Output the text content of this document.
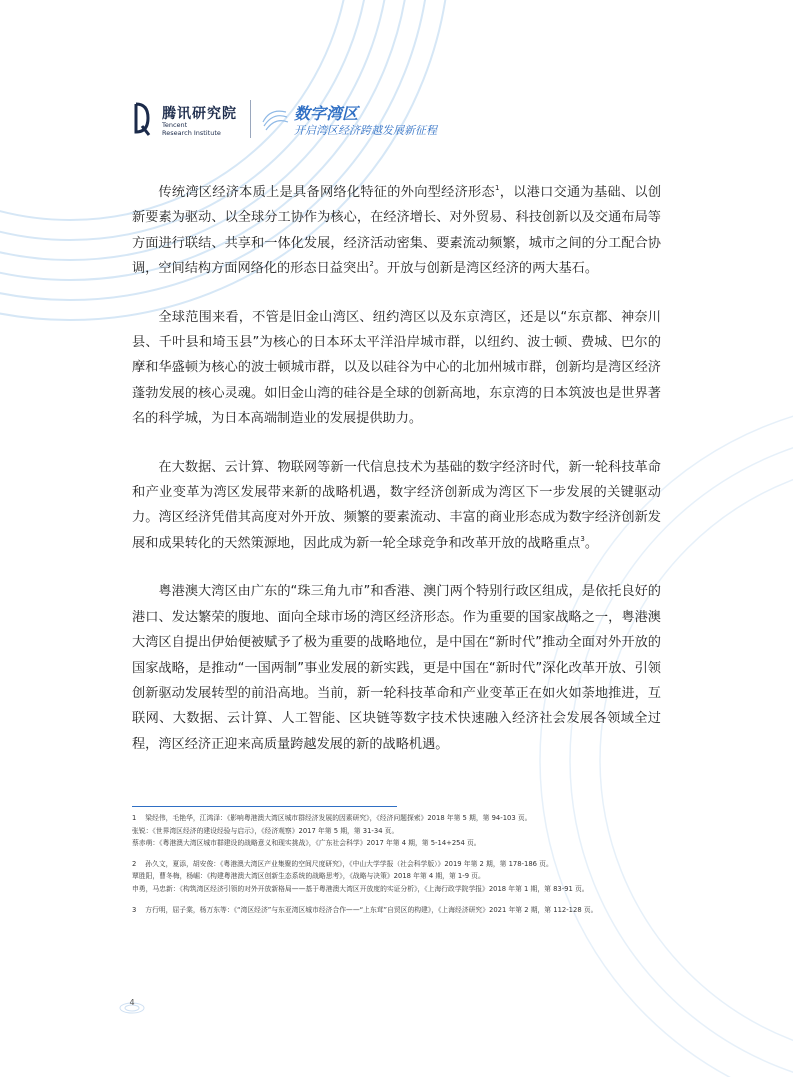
腾讯研究院
Tencent
Research Institute
数字湾区
开启湾区经济跨越发展新征程

传统湾区经济本质上是具备网络化特征的外向型经济形态$^1$，以港口交通为基础、以创新要素为驱动、以全球分工协作为核心，在经济增长、对外贸易、科技创新以及交通布局等方面进行联结、共享和一体化发展，经济活动密集、要素流动频繁，城市之间的分工配合协调，空间结构方面网络化的形态日益突出$^2$。开放与创新是湾区经济的两大基石。

全球范围来看，不管是旧金山湾区、纽约湾区以及东京湾区，还是以“东京都、神奈川县、千叶县和埼玉县”为核心的日本环太平洋沿岸城市群，以纽约、波士顿、费城、巴尔的摩和华盛顿为核心的波士顿城市群，以及以硅谷为中心的北加州城市群，创新均是湾区经济蓬勃发展的核心灵魂。如旧金山湾的硅谷是全球的创新高地，东京湾的日本筑波也是世界著名的科学城，为日本高端制造业的发展提供助力。

在大数据、云计算、物联网等新一代信息技术为基础的数字经济时代，新一轮科技革命和产业变革为湾区发展带来新的战略机遇，数字经济创新成为湾区下一步发展的关键驱动力。湾区经济凭借其高度对外开放、频繁的要素流动、丰富的商业形态成为数字经济创新发展和成果转化的天然策源地，因此成为新一轮全球竞争和改革开放的战略重点$^3$。

粤港澳大湾区由广东的“珠三角九市”和香港、澳门两个特别行政区组成，是依托良好的港口、发达繁荣的腹地、面向全球市场的湾区经济形态。作为重要的国家战略之一，粤港澳大湾区自提出伊始便被赋予了极为重要的战略地位，是中国在“新时代”推动全面对外开放的国家战略，是推动“一国两制”事业发展的新实践，更是中国在“新时代”深化改革开放、引领创新驱动发展转型的前沿高地。当前，新一轮科技革命和产业变革正在如火如荼地推进，互联网、大数据、云计算、人工智能、区块链等数字技术快速融入经济社会发展各领域全过程，湾区经济正迎来高质量跨越发展的新的战略机遇。

1　 梁经伟，毛艳华，江鸿泽：《影响粤港澳大湾区城市群经济发展的因素研究》，《经济问题探索》2018 年第 5 期，第 94-103 页。
张锐：《世界湾区经济的建设经验与启示》，《经济观察》2017 年第 5 期，第 31-34 页。
蔡赤萌：《粤港澳大湾区城市群建设的战略意义和现实挑战》，《广东社会科学》2017 年第 4 期，第 5-14+254 页。
2　 孙久文，夏添，胡安俊：《粤港澳大湾区产业集聚的空间尺度研究》，《中山大学学报（社会科学版）》2019 年第 2 期，第 178-186 页。
覃胜阳，曹冬梅，杨崛：《构建粤港澳大湾区创新生态系统的战略思考》，《战略与决策》2018 年第 4 期，第 1-9 页。
申勇，马忠新：《构筑湾区经济引领的对外开放新格局——基于粤港澳大湾区开放度的实证分析》，《上海行政学院学报》2018 年第 1 期，第 83-91 页。
3　 方行明，屈子棠，杨万东等：《“湾区经济”与东亚湾区城市经济合作——“上东茸”自贸区的构建》，《上海经济研究》2021 年第 2 期，第 112-128 页。
4
